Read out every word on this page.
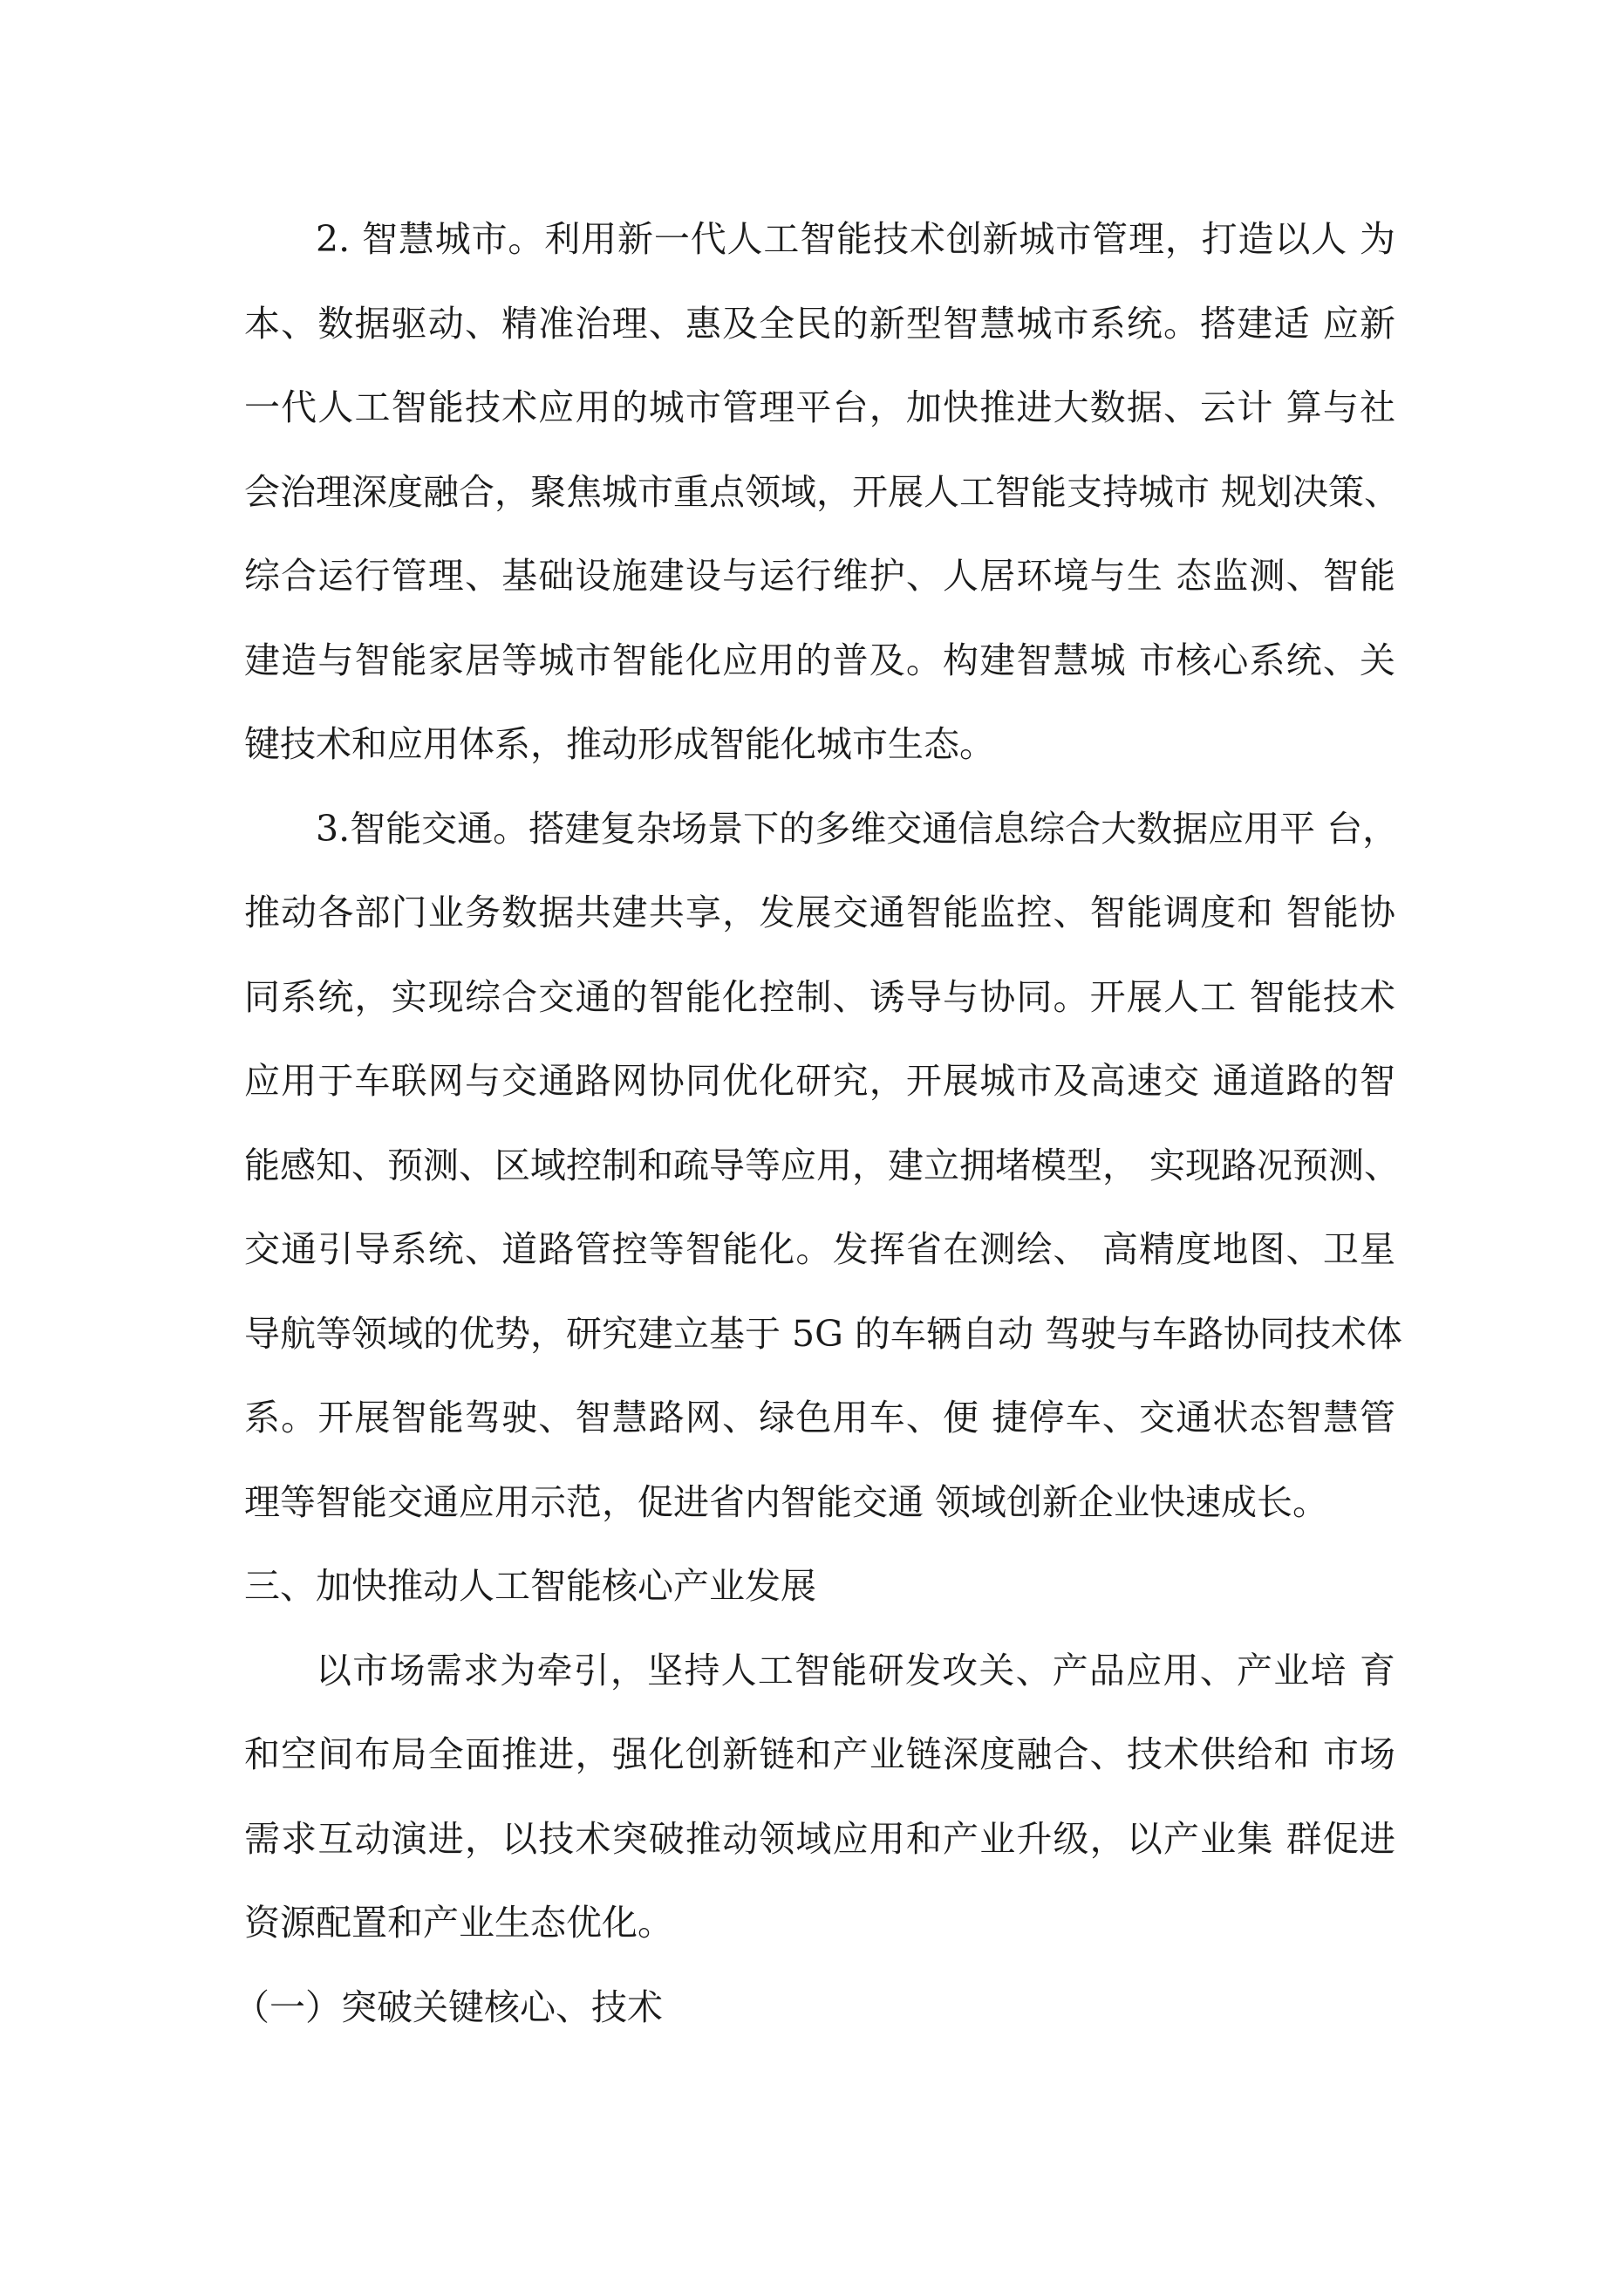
2. 智慧城市。利用新一代人工智能技术创新城市管理，打造以人 为
本、数据驱动、精准治理、惠及全民的新型智慧城市系统。搭建适 应新
一代人工智能技术应用的城市管理平台，加快推进大数据、云计 算与社
会治理深度融合，聚焦城市重点领域，开展人工智能支持城市 规划决策、
综合运行管理、基础设施建设与运行维护、人居环境与生 态监测、智能
建造与智能家居等城市智能化应用的普及。构建智慧城 市核心系统、关
键技术和应用体系，推动形成智能化城市生态。
3.智能交通。搭建复杂场景下的多维交通信息综合大数据应用平 台，
推动各部门业务数据共建共享，发展交通智能监控、智能调度和 智能协
同系统，实现综合交通的智能化控制、诱导与协同。开展人工 智能技术
应用于车联网与交通路网协同优化研究，开展城市及高速交 通道路的智
能感知、预测、区域控制和疏导等应用，建立拥堵模型， 实现路况预测、
交通引导系统、道路管控等智能化。发挥省在测绘、 高精度地图、卫星
导航等领域的优势，研究建立基于 5G 的车辆自动 驾驶与车路协同技术体
系。开展智能驾驶、智慧路网、绿色用车、便 捷停车、交通状态智慧管
理等智能交通应用示范，促进省内智能交通 领域创新企业快速成长。
三、加快推动人工智能核心产业发展
以市场需求为牵引，坚持人工智能研发攻关、产品应用、产业培 育
和空间布局全面推进，强化创新链和产业链深度融合、技术供给和 市场
需求互动演进，以技术突破推动领域应用和产业升级，以产业集 群促进
资源配置和产业生态优化。
（一）突破关键核心、技术
